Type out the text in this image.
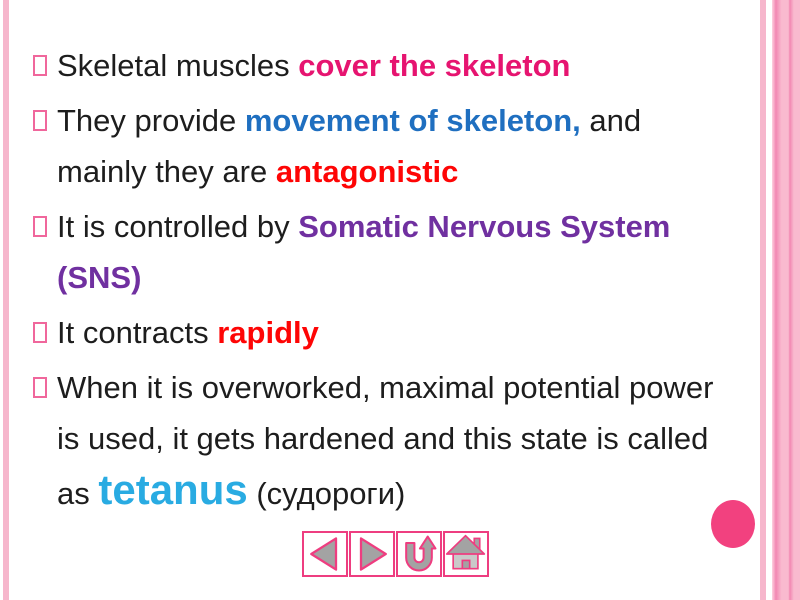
Skeletal muscles cover the skeleton
They provide movement of skeleton, and mainly they are antagonistic
It is controlled by Somatic Nervous System (SNS)
It contracts rapidly
When it is overworked, maximal potential power is used, it gets hardened and this state is called as tetanus (судороги)
